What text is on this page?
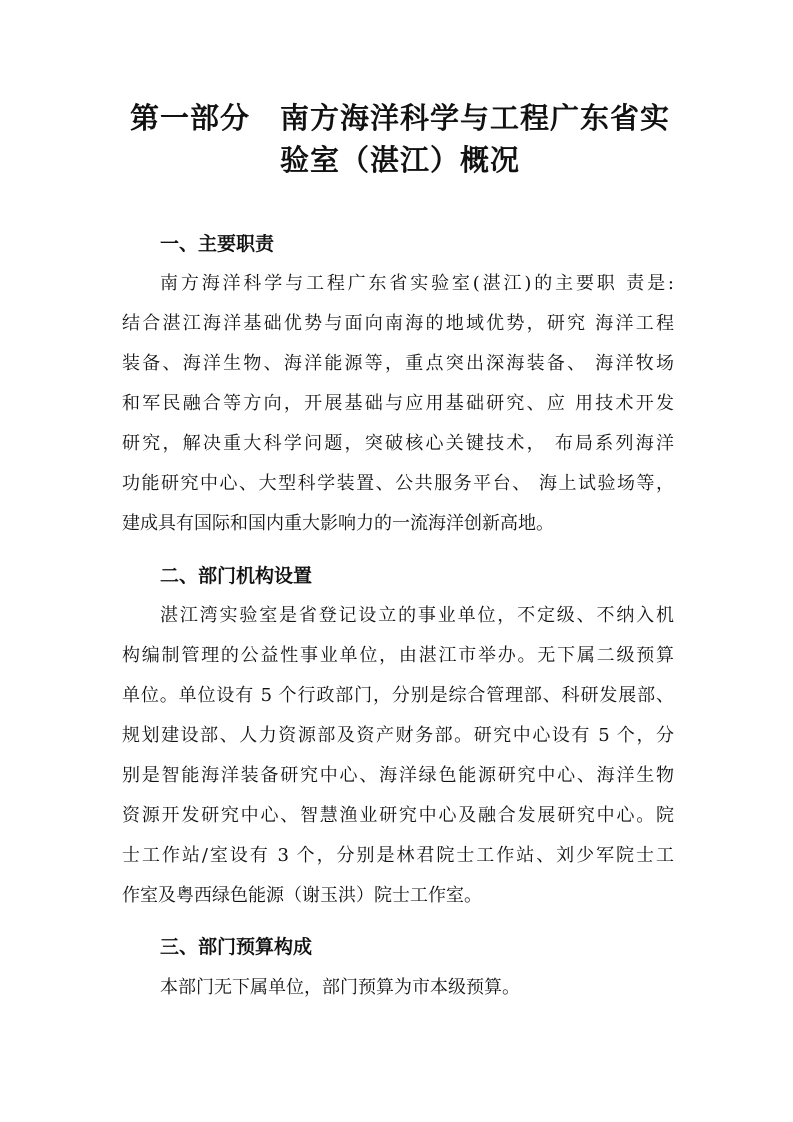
第一部分　南方海洋科学与工程广东省实
验室（湛江）概况
一、主要职责

南方海洋科学与工程广东省实验室(湛江)的主要职 责是:

结合湛江海洋基础优势与面向南海的地域优势，研究 海洋工程

装备、海洋生物、海洋能源等，重点突出深海装备、 海洋牧场

和军民融合等方向，开展基础与应用基础研究、应 用技术开发

研究，解决重大科学问题，突破核心关键技术， 布局系列海洋

功能研究中心、大型科学装置、公共服务平台、 海上试验场等，

建成具有国际和国内重大影响力的一流海洋创新高地。

二、部门机构设置

湛江湾实验室是省登记设立的事业单位，不定级、不纳入机

构编制管理的公益性事业单位，由湛江市举办。无下属二级预算

单位。单位设有 5 个行政部门，分别是综合管理部、科研发展部、

规划建设部、人力资源部及资产财务部。研究中心设有 5 个，分

别是智能海洋装备研究中心、海洋绿色能源研究中心、海洋生物

资源开发研究中心、智慧渔业研究中心及融合发展研究中心。院

士工作站/室设有 3 个，分别是林君院士工作站、刘少军院士工

作室及粤西绿色能源（谢玉洪）院士工作室。

三、部门预算构成

本部门无下属单位，部门预算为市本级预算。
